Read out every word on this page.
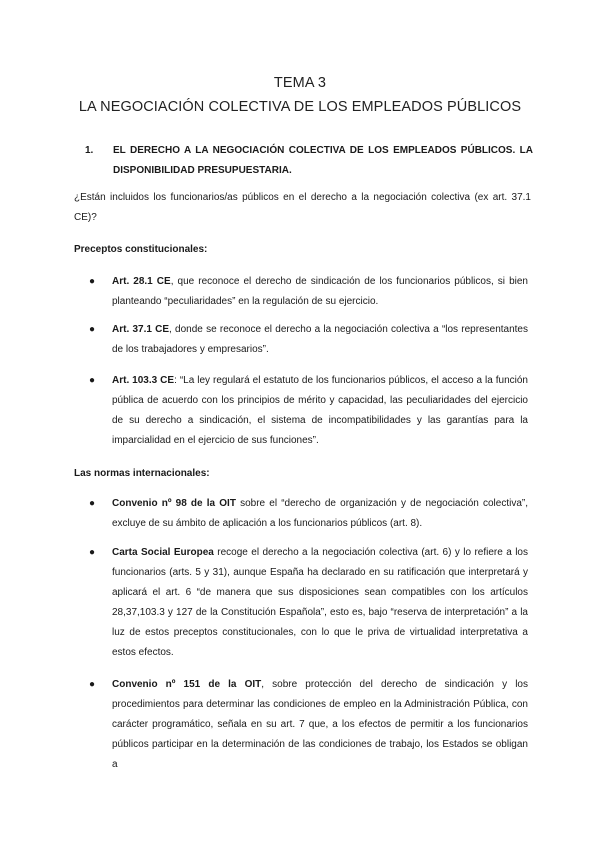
TEMA 3
LA NEGOCIACIÓN COLECTIVA DE LOS EMPLEADOS PÚBLICOS
1. EL DERECHO A LA NEGOCIACIÓN COLECTIVA DE LOS EMPLEADOS PÚBLICOS. LA DISPONIBILIDAD PRESUPUESTARIA.
¿Están incluidos los funcionarios/as públicos en el derecho a la negociación colectiva (ex art. 37.1 CE)?
Preceptos constitucionales:
● Art. 28.1 CE, que reconoce el derecho de sindicación de los funcionarios públicos, si bien planteando “peculiaridades” en la regulación de su ejercicio.
● Art. 37.1 CE, donde se reconoce el derecho a la negociación colectiva a “los representantes de los trabajadores y empresarios”.
● Art. 103.3 CE: “La ley regulará el estatuto de los funcionarios públicos, el acceso a la función pública de acuerdo con los principios de mérito y capacidad, las peculiaridades del ejercicio de su derecho a sindicación, el sistema de incompatibilidades y las garantías para la imparcialidad en el ejercicio de sus funciones”.
Las normas internacionales:
● Convenio nº 98 de la OIT sobre el “derecho de organización y de negociación colectiva”, excluye de su ámbito de aplicación a los funcionarios públicos (art. 8).
● Carta Social Europea recoge el derecho a la negociación colectiva (art. 6) y lo refiere a los funcionarios (arts. 5 y 31), aunque España ha declarado en su ratificación que interpretará y aplicará el art. 6 “de manera que sus disposiciones sean compatibles con los artículos 28,37,103.3 y 127 de la Constitución Española”, esto es, bajo “reserva de interpretación” a la luz de estos preceptos constitucionales, con lo que le priva de virtualidad interpretativa a estos efectos.
● Convenio nº 151 de la OIT, sobre protección del derecho de sindicación y los procedimientos para determinar las condiciones de empleo en la Administración Pública, con carácter programático, señala en su art. 7 que, a los efectos de permitir a los funcionarios públicos participar en la determinación de las condiciones de trabajo, los Estados se obligan a
